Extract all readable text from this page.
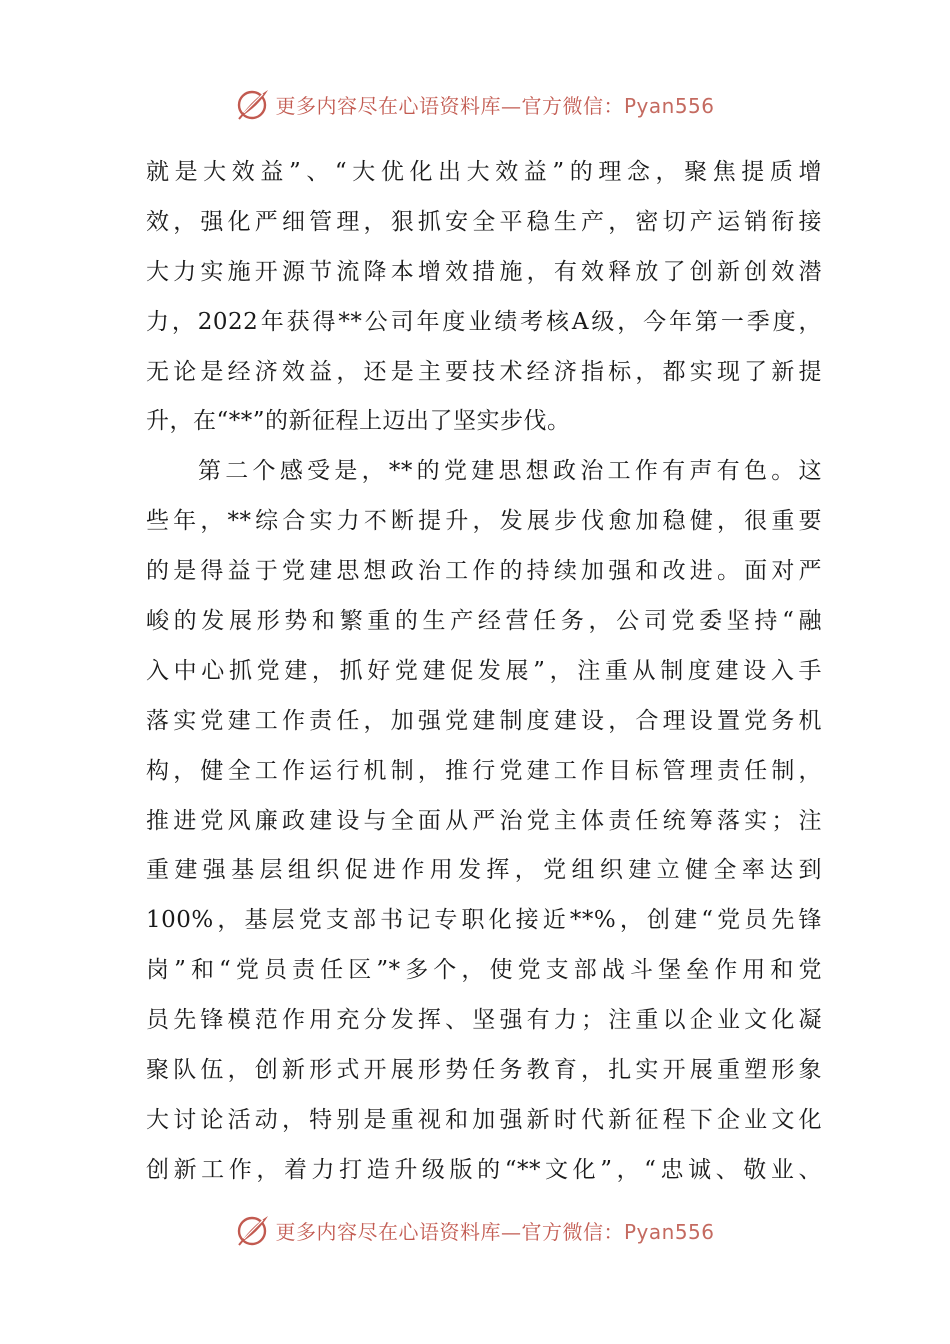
更多内容尽在心语资料库—官方微信：Pyan556
就是大效益”、“大优化出大效益”的理念，聚焦提质增
效，强化严细管理，狠抓安全平稳生产，密切产运销衔接
大力实施开源节流降本增效措施，有效释放了创新创效潜
力，2022年获得**公司年度业绩考核A级，今年第一季度，
无论是经济效益，还是主要技术经济指标，都实现了新提
升，在“**”的新征程上迈出了坚实步伐。
第二个感受是，**的党建思想政治工作有声有色。这
些年，**综合实力不断提升，发展步伐愈加稳健，很重要
的是得益于党建思想政治工作的持续加强和改进。面对严
峻的发展形势和繁重的生产经营任务，公司党委坚持“融
入中心抓党建，抓好党建促发展”，注重从制度建设入手
落实党建工作责任，加强党建制度建设，合理设置党务机
构，健全工作运行机制，推行党建工作目标管理责任制，
推进党风廉政建设与全面从严治党主体责任统筹落实；注
重建强基层组织促进作用发挥，党组织建立健全率达到
100%，基层党支部书记专职化接近**%，创建“党员先锋
岗”和“党员责任区”*多个，使党支部战斗堡垒作用和党
员先锋模范作用充分发挥、坚强有力；注重以企业文化凝
聚队伍，创新形式开展形势任务教育，扎实开展重塑形象
大讨论活动，特别是重视和加强新时代新征程下企业文化
创新工作，着力打造升级版的“**文化”，“忠诚、敬业、
更多内容尽在心语资料库—官方微信：Pyan556
